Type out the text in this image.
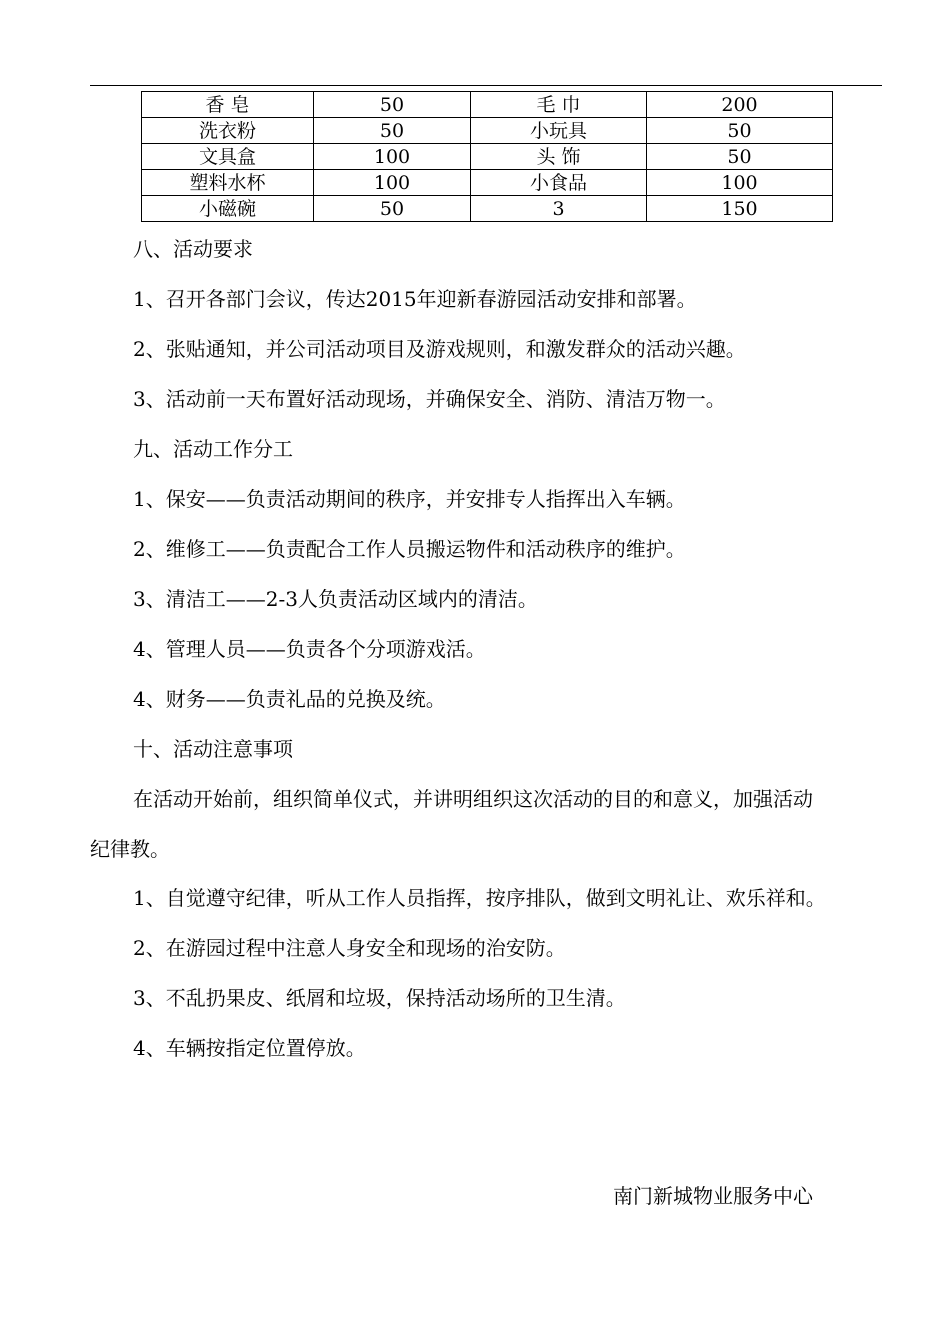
香 皂	50	毛 巾	200
洗衣粉	50	小玩具	50
文具盒	100	头 饰	50
塑料水杯	100	小食品	100
小磁碗	50	3	150

八、活动要求

1、召开各部门会议，传达2015年迎新春游园活动安排和部署。

2、张贴通知，并公司活动项目及游戏规则，和激发群众的活动兴趣。

3、活动前一天布置好活动现场，并确保安全、消防、清洁万物一。

九、活动工作分工

1、保安——负责活动期间的秩序，并安排专人指挥出入车辆。

2、维修工——负责配合工作人员搬运物件和活动秩序的维护。

3、清洁工——2-3人负责活动区域内的清洁。

4、管理人员——负责各个分项游戏活。

4、财务——负责礼品的兑换及统。

十、活动注意事项

在活动开始前，组织简单仪式，并讲明组织这次活动的目的和意义，加强活动

纪律教。

1、自觉遵守纪律，听从工作人员指挥，按序排队，做到文明礼让、欢乐祥和。

2、在游园过程中注意人身安全和现场的治安防。

3、不乱扔果皮、纸屑和垃圾，保持活动场所的卫生清。

4、车辆按指定位置停放。

南门新城物业服务中心
